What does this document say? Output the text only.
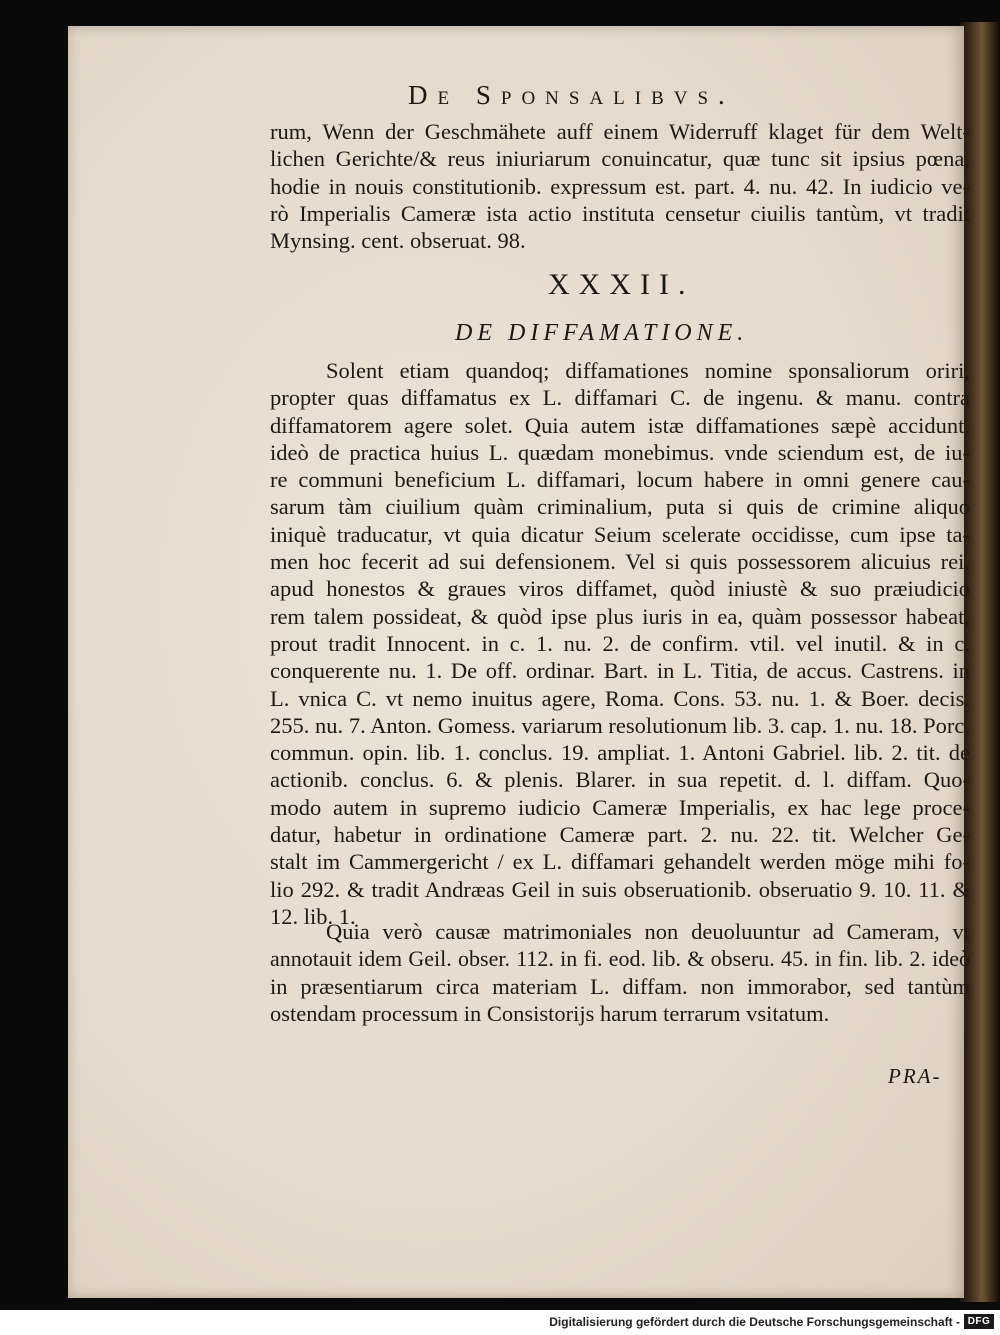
De Sponsalibvs.
rum, Wenn der Geschmähete auff einem Widerruff klaget für dem Welt-
lichen Gerichte/& reus iniuriarum conuincatur, quæ tunc sit ipsius pœna,
hodie in nouis constitutionib. expressum est. part. 4. nu. 42. In iudicio ve-
rò Imperialis Cameræ ista actio instituta censetur ciuilis tantùm, vt tradit
Mynsing. cent. obseruat. 98.
XXXII.
DE DIFFAMATIONE.
Solent etiam quandoq; diffamationes nomine sponsaliorum oriri,
propter quas diffamatus ex L. diffamari C. de ingenu. & manu. contra
diffamatorem agere solet. Quia autem istæ diffamationes sæpè accidunt,
ideò de practica huius L. quædam monebimus. vnde sciendum est, de iu-
re communi beneficium L. diffamari, locum habere in omni genere cau-
sarum tàm ciuilium quàm criminalium, puta si quis de crimine aliquo
iniquè traducatur, vt quia dicatur Seium scelerate occidisse, cum ipse ta-
men hoc fecerit ad sui defensionem. Vel si quis possessorem alicuius rei,
apud honestos & graues viros diffamet, quòd iniustè & suo præiudicio
rem talem possideat, & quòd ipse plus iuris in ea, quàm possessor habeat,
prout tradit Innocent. in c. 1. nu. 2. de confirm. vtil. vel inutil. & in c.
conquerente nu. 1. De off. ordinar. Bart. in L. Titia, de accus. Castrens. in
L. vnica C. vt nemo inuitus agere, Roma. Cons. 53. nu. 1. & Boer. decis.
255. nu. 7. Anton. Gomess. variarum resolutionum lib. 3. cap. 1. nu. 18. Porc.
commun. opin. lib. 1. conclus. 19. ampliat. 1. Antoni Gabriel. lib. 2. tit. de
actionib. conclus. 6. & plenis. Blarer. in sua repetit. d. l. diffam. Quo-
modo autem in supremo iudicio Cameræ Imperialis, ex hac lege proce-
datur, habetur in ordinatione Cameræ part. 2. nu. 22. tit. Welcher Ge-
stalt im Cammergericht / ex L. diffamari gehandelt werden möge mihi fo-
lio 292. & tradit Andræas Geil in suis obseruationib. obseruatio 9. 10. 11. &
12. lib. 1.
Quia verò causæ matrimoniales non deuoluuntur ad Cameram, vt
annotauit idem Geil. obser. 112. in fi. eod. lib. & obseru. 45. in fin. lib. 2. ideò
in præsentiarum circa materiam L. diffam. non immorabor, sed tantùm
ostendam processum in Consistorijs harum terrarum vsitatum.
PRA-
Digitalisierung gefördert durch die Deutsche Forschungsgemeinschaft - DFG
